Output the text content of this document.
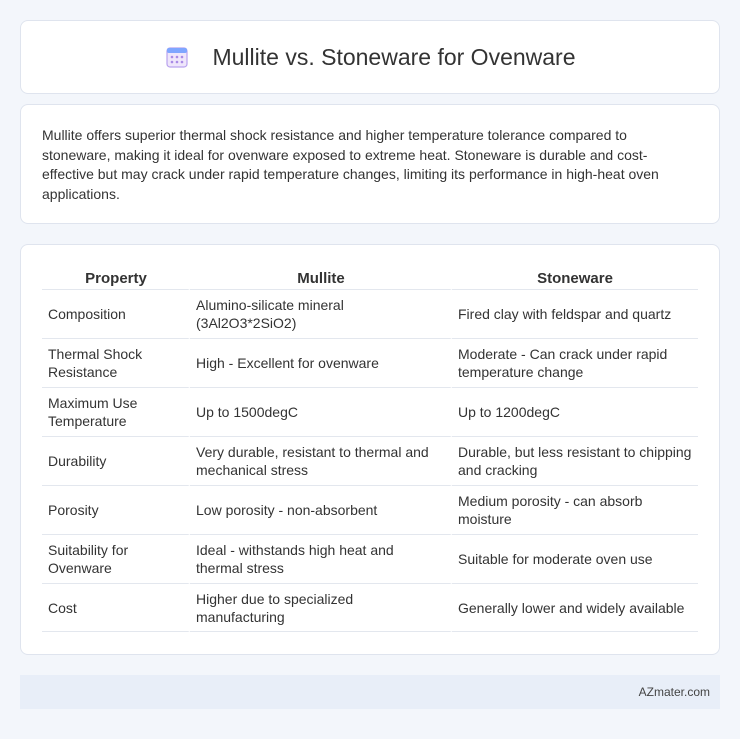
Mullite vs. Stoneware for Ovenware

Mullite offers superior thermal shock resistance and higher temperature tolerance compared to stoneware, making it ideal for ovenware exposed to extreme heat. Stoneware is durable and cost-effective but may crack under rapid temperature changes, limiting its performance in high-heat oven applications.

Property	Mullite	Stoneware
Composition	Alumino-silicate mineral (3Al2O3*2SiO2)	Fired clay with feldspar and quartz
Thermal Shock Resistance	High - Excellent for ovenware	Moderate - Can crack under rapid temperature change
Maximum Use Temperature	Up to 1500degC	Up to 1200degC
Durability	Very durable, resistant to thermal and mechanical stress	Durable, but less resistant to chipping and cracking
Porosity	Low porosity - non-absorbent	Medium porosity - can absorb moisture
Suitability for Ovenware	Ideal - withstands high heat and thermal stress	Suitable for moderate oven use
Cost	Higher due to specialized manufacturing	Generally lower and widely available
AZmater.com
